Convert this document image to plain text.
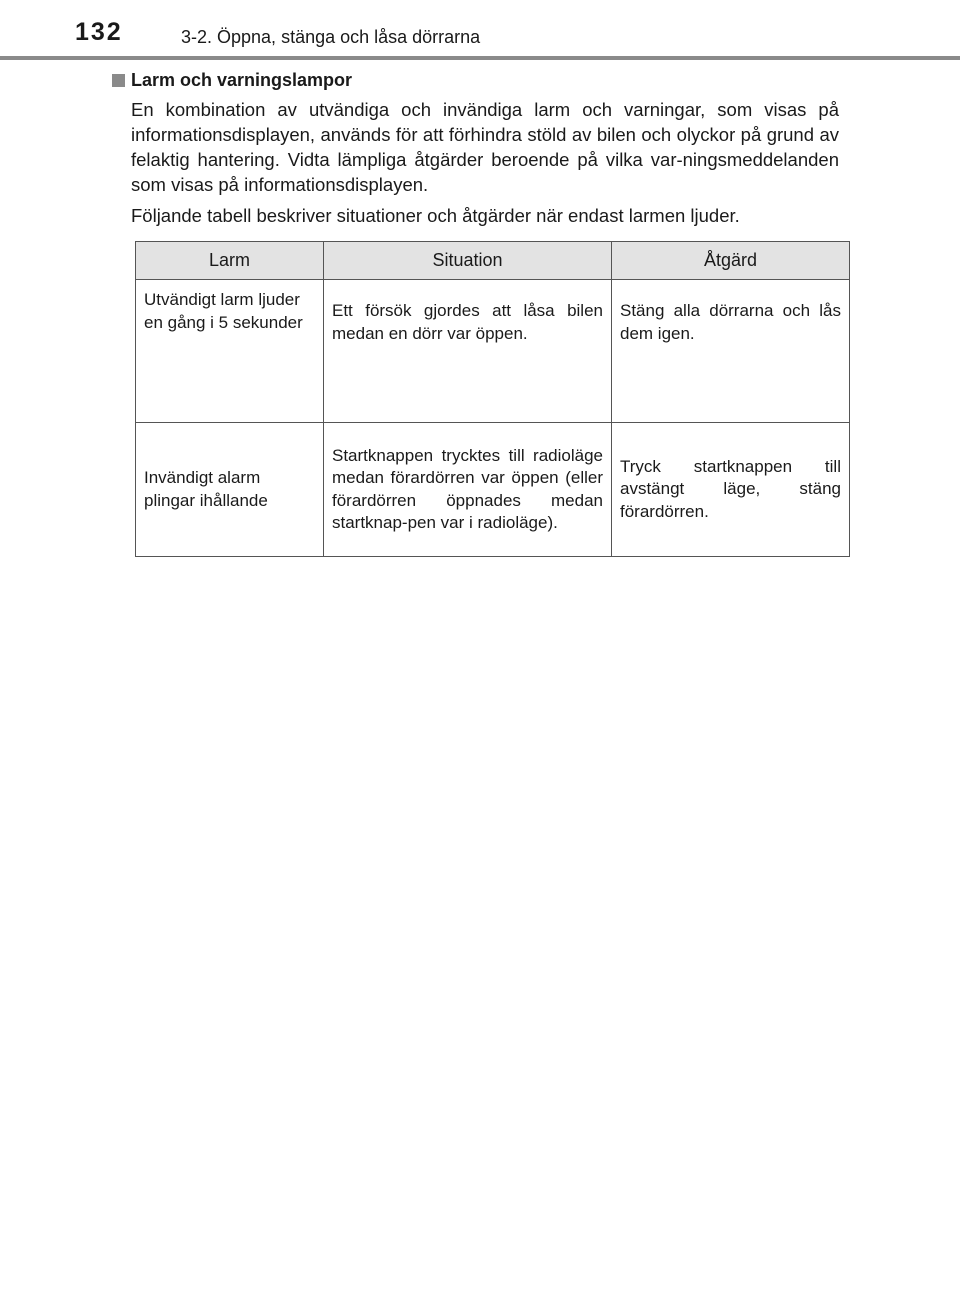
132	3-2. Öppna, stänga och låsa dörrarna
Larm och varningslampor
En kombination av utvändiga och invändiga larm och varningar, som visas på informationsdisplayen, används för att förhindra stöld av bilen och olyckor på grund av felaktig hantering. Vidta lämpliga åtgärder beroende på vilka var-ningsmeddelanden som visas på informationsdisplayen.
Följande tabell beskriver situationer och åtgärder när endast larmen ljuder.
Larm	Situation	Åtgärd
Utvändigt larm ljuder en gång i 5 sekunder	Ett försök gjordes att låsa bilen medan en dörr var öppen.	Stäng alla dörrarna och lås dem igen.
Invändigt alarm plingar ihållande	Startknappen trycktes till radioläge medan förardörren var öppen (eller förardörren öppnades medan startknap-pen var i radioläge).	Tryck startknappen till avstängt läge, stäng förardörren.
